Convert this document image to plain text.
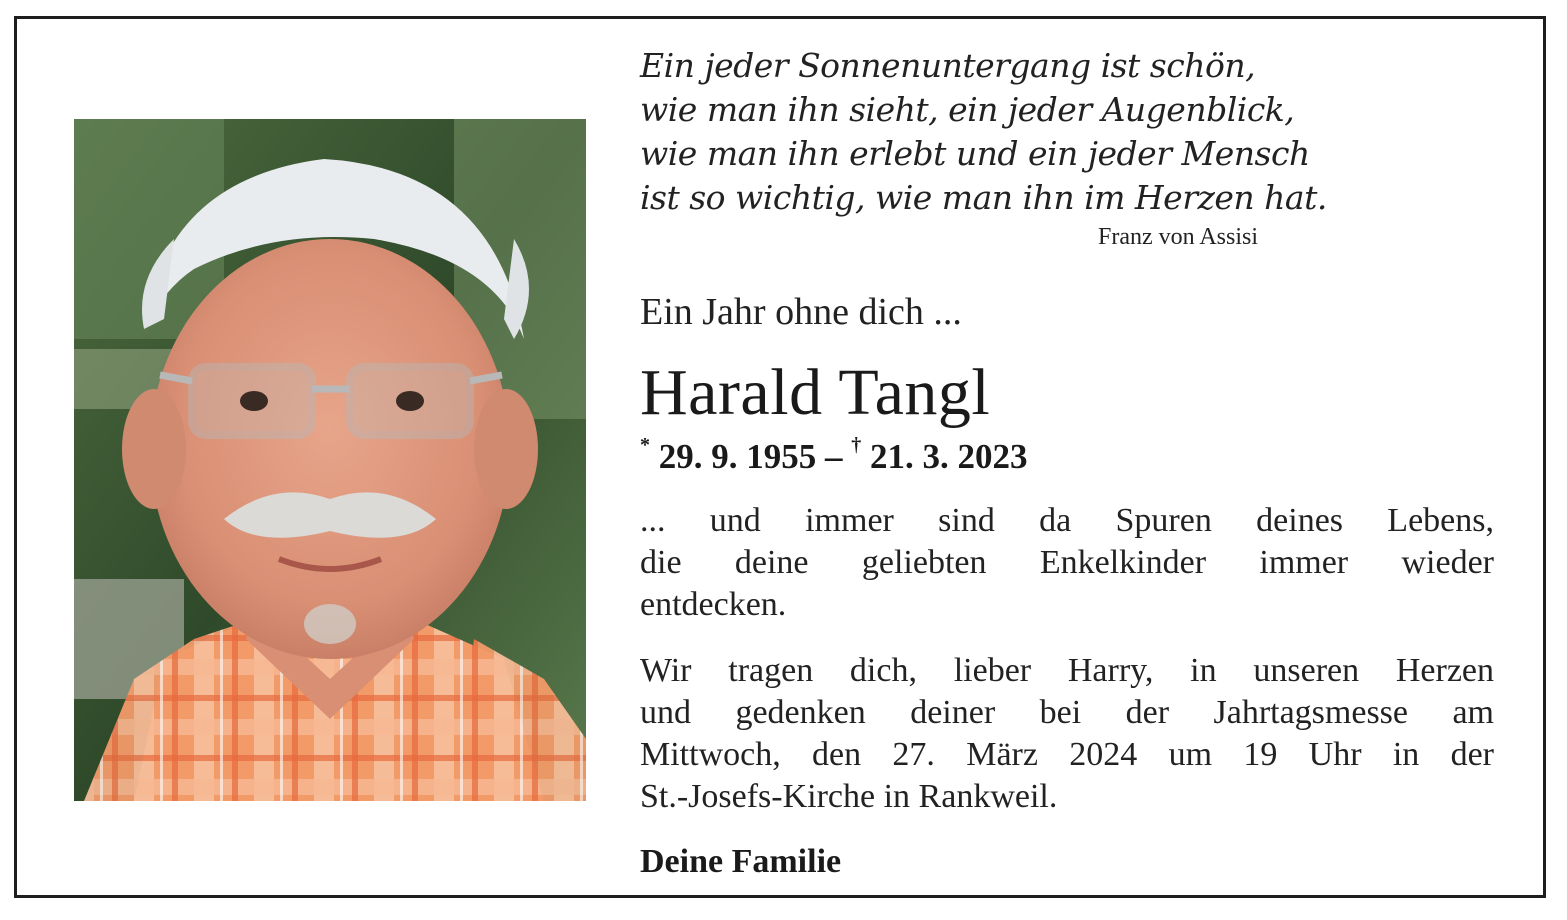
Ein jeder Sonnenuntergang ist schön,
wie man ihn sieht, ein jeder Augenblick,
wie man ihn erlebt und ein jeder Mensch
ist so wichtig, wie man ihn im Herzen hat.
Franz von Assisi
Ein Jahr ohne dich ...
Harald Tangl
* 29. 9. 1955 – † 21. 3. 2023
... und immer sind da Spuren deines Lebens,
die deine geliebten Enkelkinder immer wieder
entdecken.
Wir tragen dich, lieber Harry, in unseren Herzen
und gedenken deiner bei der Jahrtagsmesse am
Mittwoch, den 27. März 2024 um 19 Uhr in der
St.-Josefs-Kirche in Rankweil.
Deine Familie
